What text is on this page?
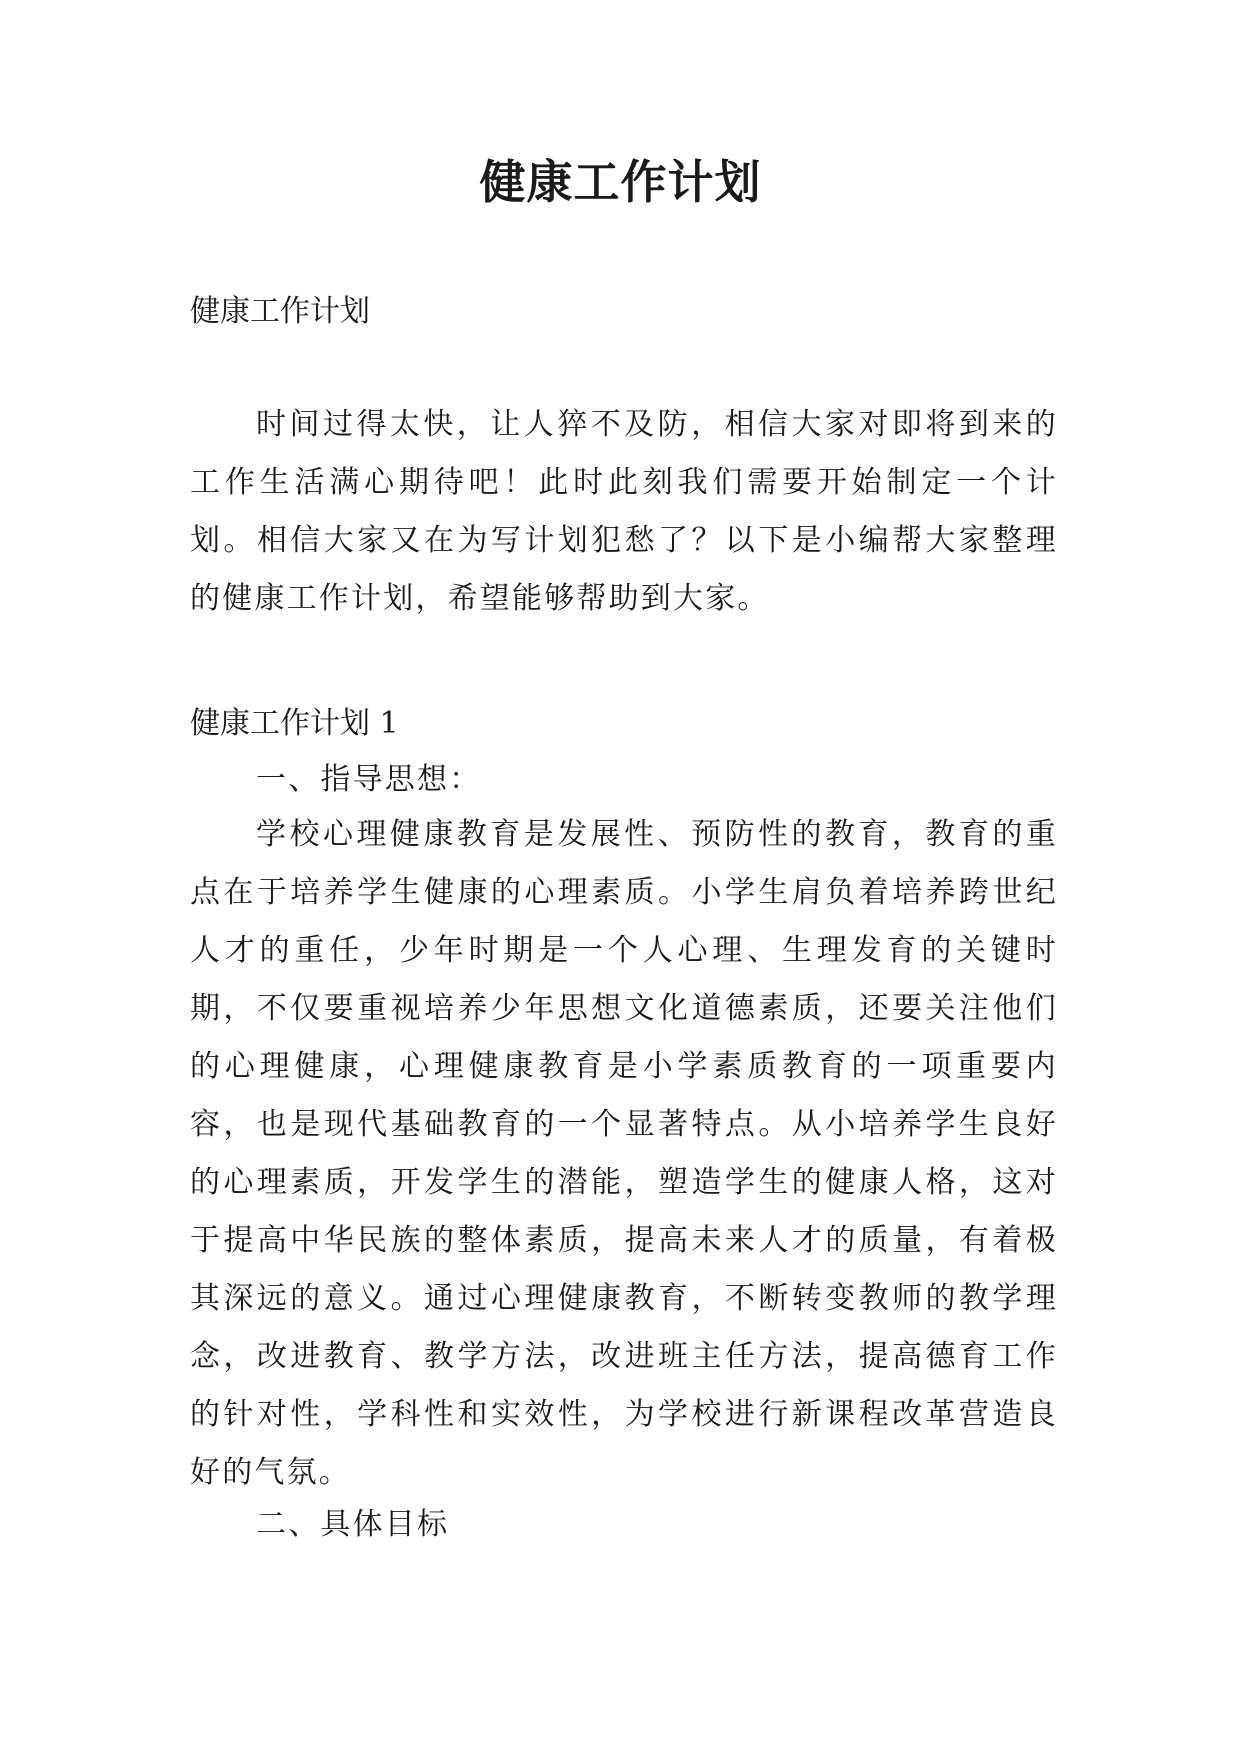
健康工作计划

健康工作计划

时间过得太快，让人猝不及防，相信大家对即将到来的工作生活满心期待吧！此时此刻我们需要开始制定一个计划。相信大家又在为写计划犯愁了？以下是小编帮大家整理的健康工作计划，希望能够帮助到大家。

健康工作计划 1

一、指导思想：

学校心理健康教育是发展性、预防性的教育，教育的重点在于培养学生健康的心理素质。小学生肩负着培养跨世纪人才的重任，少年时期是一个人心理、生理发育的关键时期，不仅要重视培养少年思想文化道德素质，还要关注他们的心理健康，心理健康教育是小学素质教育的一项重要内容，也是现代基础教育的一个显著特点。从小培养学生良好的心理素质，开发学生的潜能，塑造学生的健康人格，这对于提高中华民族的整体素质，提高未来人才的质量，有着极其深远的意义。通过心理健康教育，不断转变教师的教学理念，改进教育、教学方法，改进班主任方法，提高德育工作的针对性，学科性和实效性，为学校进行新课程改革营造良好的气氛。

二、具体目标
